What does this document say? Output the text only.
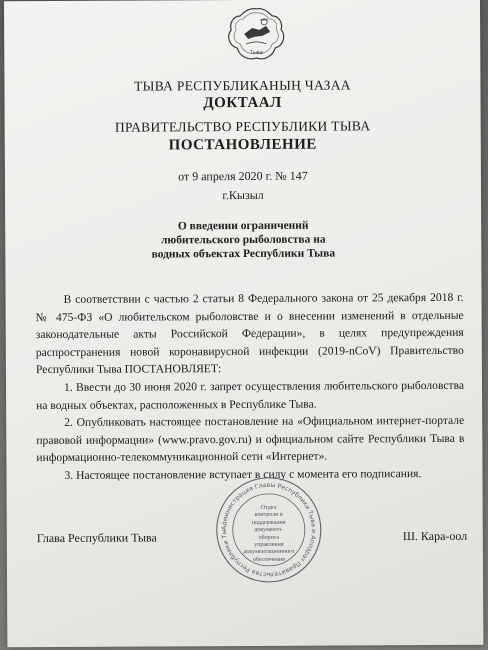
Тыва
ТЫВА РЕСПУБЛИКАНЫҢ ЧАЗАА
ДОКТААЛ
ПРАВИТЕЛЬСТВО РЕСПУБЛИКИ ТЫВА
ПОСТАНОВЛЕНИЕ
от 9 апреля 2020 г. № 147
г.Кызыл
О введении ограничений
любительского рыболовства на
водных объектах Республики Тыва

В соответствии с частью 2 статьи 8 Федерального закона от 25 декабря 2018 г. № 475-ФЗ «О любительском рыболовстве и о внесении изменений в отдельные законодательные акты Российской Федерации», в целях предупреждения распространения новой коронавирусной инфекции (2019-nCoV) Правительство Республики Тыва ПОСТАНОВЛЯЕТ:

1. Ввести до 30 июня 2020 г. запрет осуществления любительского рыболовства на водных объектах, расположенных в Республике Тыва.

2. Опубликовать настоящее постановление на «Официальном интернет-портале правовой информации» (www.pravo.gov.ru) и официальном сайте Республики Тыва в информационно-телекоммуникационной сети «Интернет».

3. Настоящее постановление вступает в силу с момента его подписания.

Глава Республики Тыва	Ш. Кара-оол
Администрация Главы Республики Тыва и Аппарат Правительства Республики Тыва
Отдел
контроля и
поддержания документо-
оборота
управления
документационного
обеспечения
